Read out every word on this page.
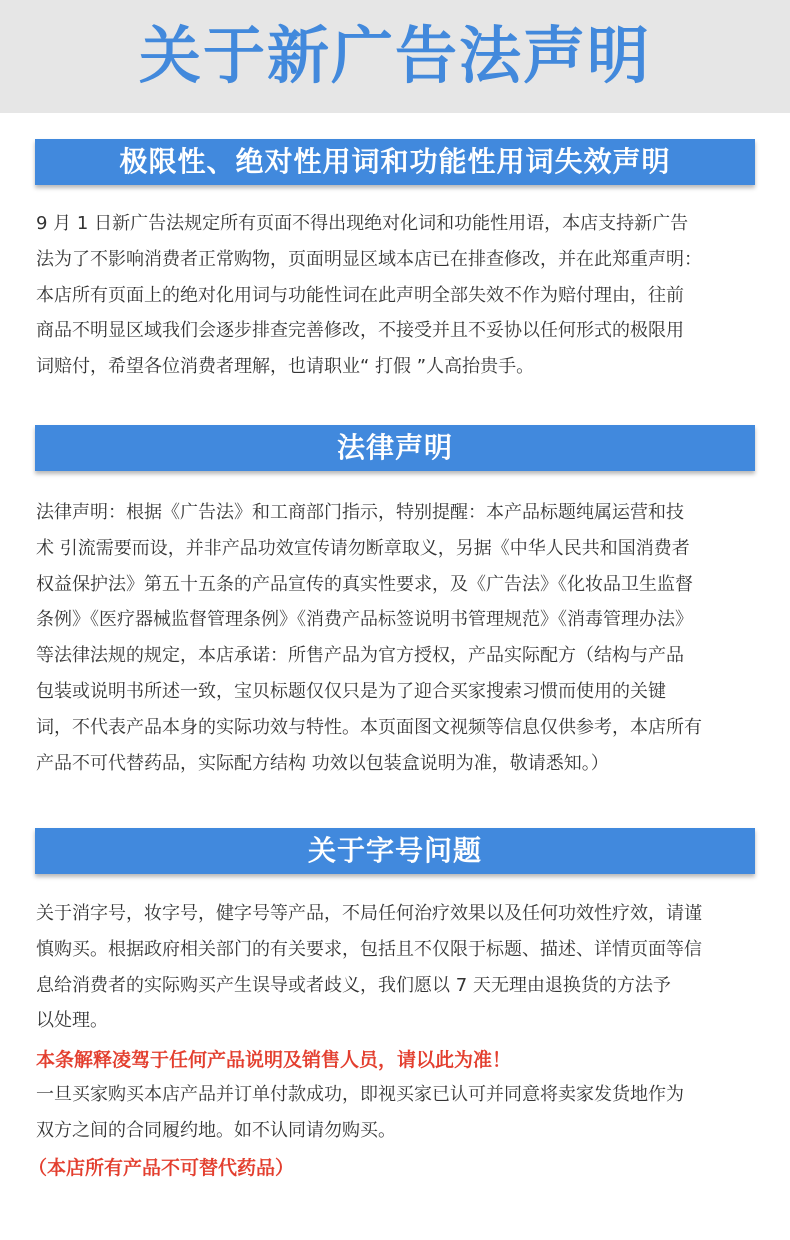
关于新广告法声明
极限性、绝对性用词和功能性用词失效声明
9 月 1 日新广告法规定所有页面不得出现绝对化词和功能性用语，本店支持新广告
法为了不影响消费者正常购物，页面明显区域本店已在排查修改，并在此郑重声明：
本店所有页面上的绝对化用词与功能性词在此声明全部失效不作为赔付理由，往前
商品不明显区域我们会逐步排查完善修改，不接受并且不妥协以任何形式的极限用
词赔付，希望各位消费者理解，也请职业“ 打假 ”人高抬贵手。
法律声明
法律声明：根据《广告法》和工商部门指示，特别提醒：本产品标题纯属运营和技
术 引流需要而设，并非产品功效宣传请勿断章取义，另据《中华人民共和国消费者
权益保护法》第五十五条的产品宣传的真实性要求，及《广告法》《化妆品卫生监督
条例》《医疗器械监督管理条例》《消费产品标签说明书管理规范》《消毒管理办法》
等法律法规的规定，本店承诺：所售产品为官方授权，产品实际配方（结构与产品
包装或说明书所述一致，宝贝标题仅仅只是为了迎合买家搜索习惯而使用的关键
词，不代表产品本身的实际功效与特性。本页面图文视频等信息仅供参考，本店所有
产品不可代替药品，实际配方结构 功效以包装盒说明为准，敬请悉知。）
关于字号问题
关于消字号，妆字号，健字号等产品，不局任何治疗效果以及任何功效性疗效，请谨
慎购买。根据政府相关部门的有关要求，包括且不仅限于标题、描述、详情页面等信
息给消费者的实际购买产生误导或者歧义，我们愿以 7 天无理由退换货的方法予
以处理。
本条解释凌驾于任何产品说明及销售人员，请以此为准！
一旦买家购买本店产品并订单付款成功，即视买家已认可并同意将卖家发货地作为
双方之间的合同履约地。如不认同请勿购买。
（本店所有产品不可替代药品）
